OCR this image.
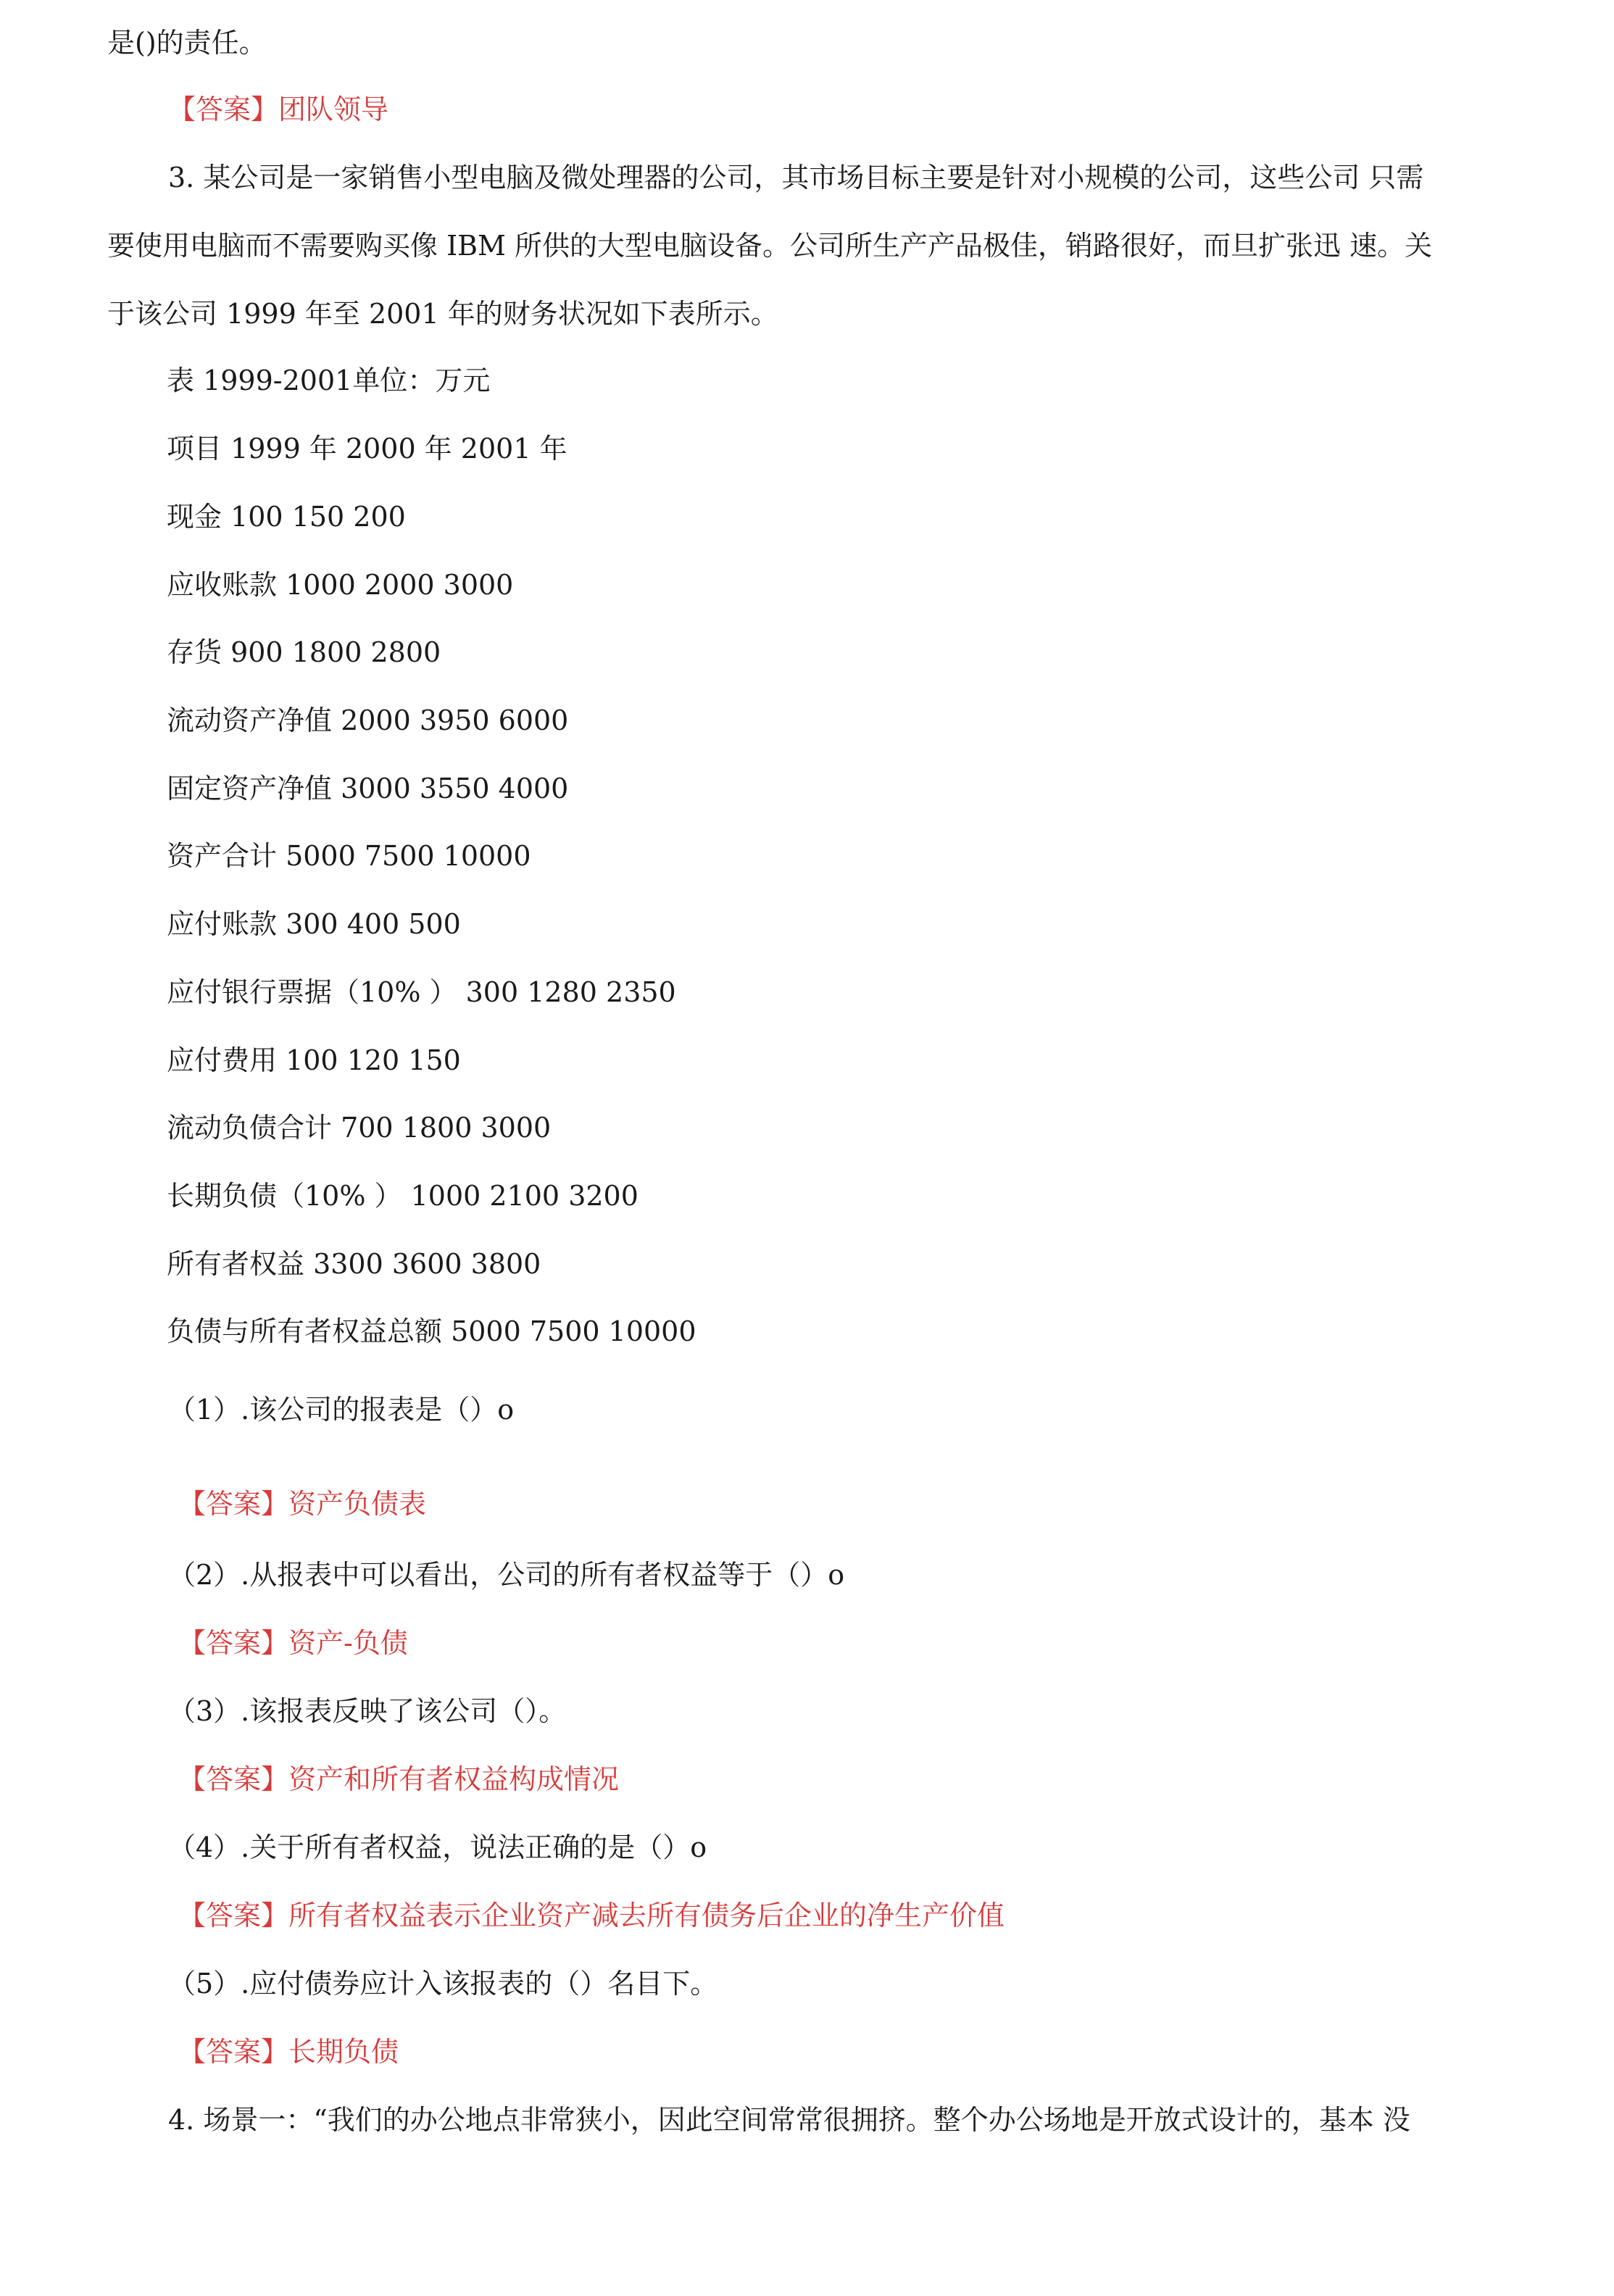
是()的责任。
【答案】团队领导
3. 某公司是一家销售小型电脑及微处理器的公司，其市场目标主要是针对小规模的公司，这些公司 只需
要使用电脑而不需要购买像 IBM 所供的大型电脑设备。公司所生产产品极佳，销路很好，而旦扩张迅 速。关
于该公司 1999 年至 2001 年的财务状况如下表所示。
表 1999-2001单位：万元
项目 1999 年 2000 年 2001 年
现金 100 150 200
应收账款 1000 2000 3000
存货 900 1800 2800
流动资产净值 2000 3950 6000
固定资产净值 3000 3550 4000
资产合计 5000 7500 10000
应付账款 300 400 500
应付银行票据（10% ） 300 1280 2350
应付费用 100 120 150
流动负债合计 700 1800 3000
长期负债（10% ） 1000 2100 3200
所有者权益 3300 3600 3800
负债与所有者权益总额 5000 7500 10000
（1）.该公司的报表是（）o
【答案】资产负债表
（2）.从报表中可以看出，公司的所有者权益等于（）o
【答案】资产-负债
（3）.该报表反映了该公司（）。
【答案】资产和所有者权益构成情况
（4）.关于所有者权益，说法正确的是（）o
【答案】所有者权益表示企业资产减去所有债务后企业的净生产价值
（5）.应付债券应计入该报表的（）名目下。
【答案】长期负债
4. 场景一：“我们的办公地点非常狭小，因此空间常常很拥挤。整个办公场地是开放式设计的，基本 没
